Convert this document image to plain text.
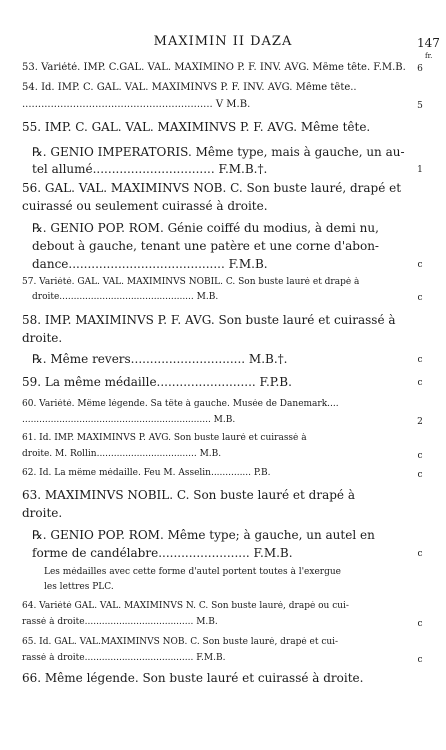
MAXIMIN II DAZA	147
fr.
53. Variété. IMP. C.GAL. VAL. MAXIMINO P. F. INV. AVG. Même tête. F.M.B.	6
54. Id. IMP. C. GAL. VAL. MAXIMINVS P. F. INV. AVG. Même tête..
............................................................ V M.B.	5
55. IMP. C. GAL. VAL. MAXIMINVS P. F. AVG. Même tête.
℞. GENIO IMPERATORIS. Même type, mais à gauche, un au-
tel allumé................................ F.M.B.†.	1
56. GAL. VAL. MAXIMINVS NOB. C. Son buste lauré, drapé et
cuirassé ou seulement cuirassé à droite.
℞. GENIO POP. ROM. Génie coiffé du modius, à demi nu,
debout à gauche, tenant une patère et une corne d'abon-
dance......................................... F.M.B.	c
57. Variété. GAL. VAL. MAXIMINVS NOBIL. C. Son buste lauré et drapé à
droite............................................... M.B.	c
58. IMP. MAXIMINVS P. F. AVG. Son buste lauré et cuirassé à
droite.
℞. Même revers.............................. M.B.†.	c
59. La même médaille.......................... F.P.B.	c
60. Variété. Même légende. Sa tête à gauche. Musée de Danemark....
.................................................................. M.B.	2
61. Id. IMP. MAXIMINVS P. AVG. Son buste lauré et cuirassé à
droite. M. Rollin................................... M.B.	c
62. Id. La même médaille. Feu M. Asselin.............. P.B.	c
63. MAXIMINVS NOBIL. C. Son buste lauré et drapé à
droite.
℞. GENIO POP. ROM. Même type; à gauche, un autel en
forme de candélabre........................ F.M.B.	c
Les médailles avec cette forme d'autel portent toutes à l'exergue
les lettres PLC.
64. Variété GAL. VAL. MAXIMINVS N. C. Son buste lauré, drapé ou cui-
rassé à droite...................................... M.B.	c
65. Id. GAL. VAL.MAXIMINVS NOB. C. Son buste lauré, drapé et cui-
rassé à droite...................................... F.M.B.	c
66. Même légende. Son buste lauré et cuirassé à droite.
